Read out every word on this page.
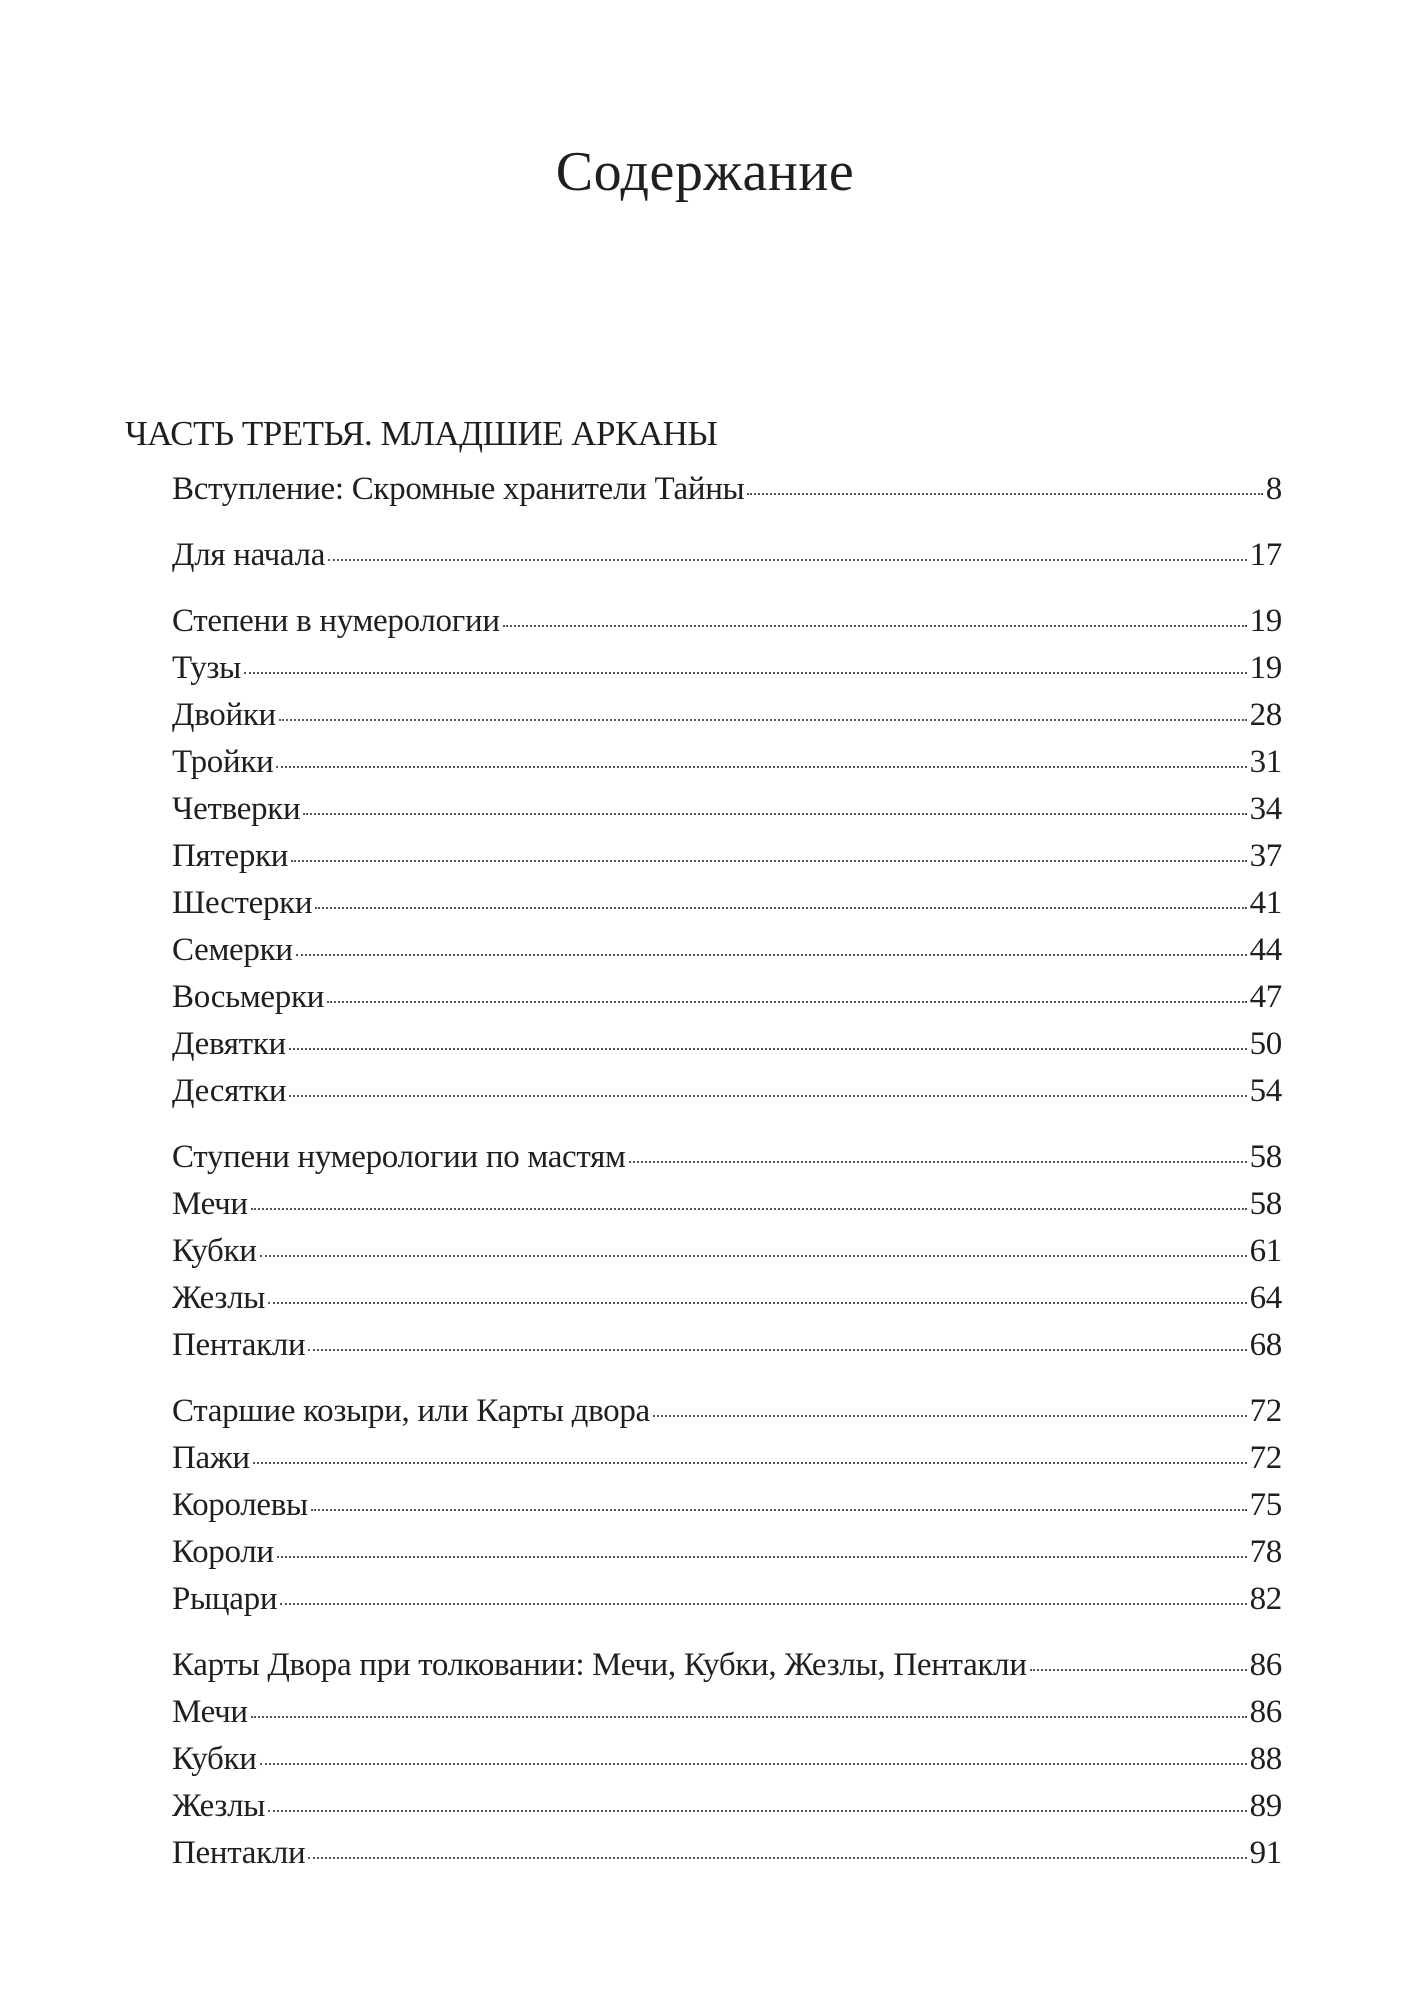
Содержание
ЧАСТЬ ТРЕТЬЯ. МЛАДШИЕ АРКАНЫ
Вступление: Скромные хранители Тайны	8
Для начала	17
Степени в нумерологии	19
Тузы	19
Двойки	28
Тройки	31
Четверки	34
Пятерки	37
Шестерки	41
Семерки	44
Восьмерки	47
Девятки	50
Десятки	54
Ступени нумерологии по мастям	58
Мечи	58
Кубки	61
Жезлы	64
Пентакли	68
Старшие козыри, или Карты двора	72
Пажи	72
Королевы	75
Короли	78
Рыцари	82
Карты Двора при толковании: Мечи, Кубки, Жезлы, Пентакли	86
Мечи	86
Кубки	88
Жезлы	89
Пентакли	91
